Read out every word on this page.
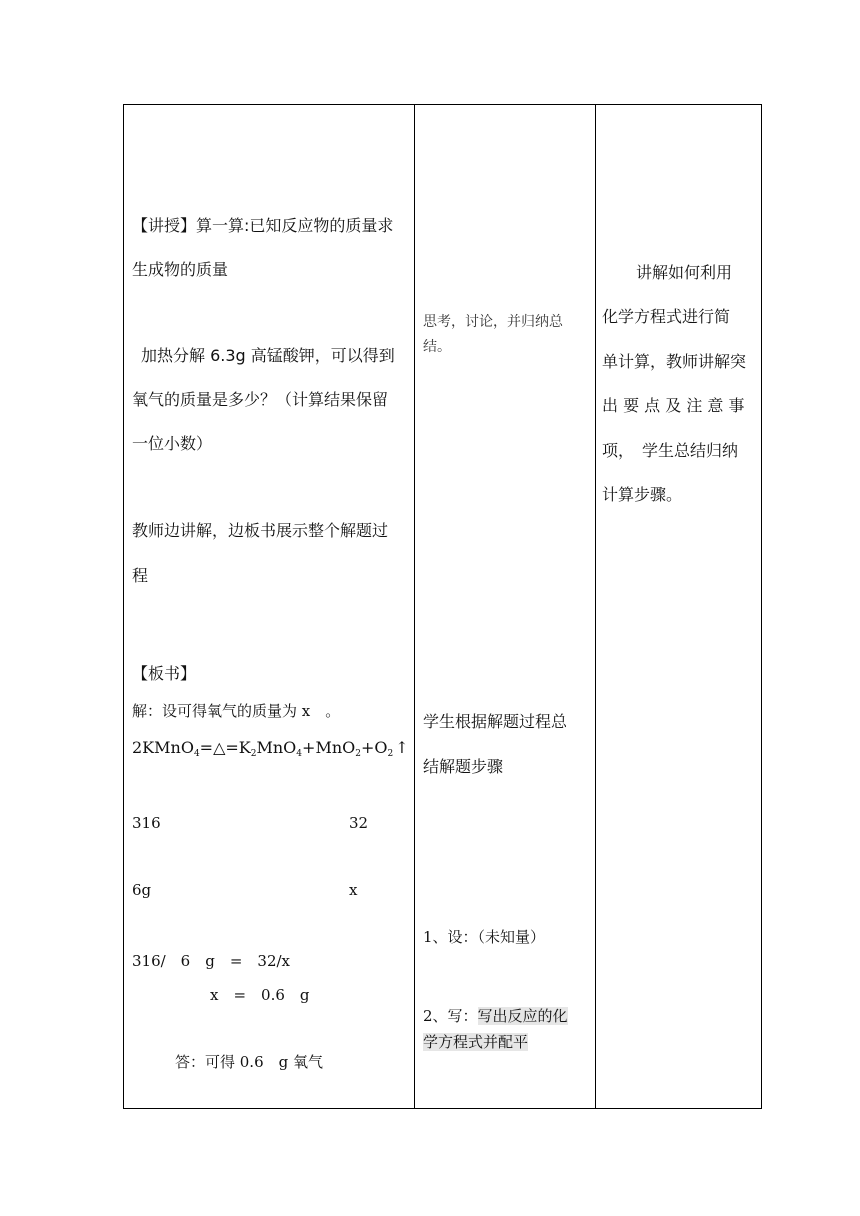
【讲授】算一算:已知反应物的质量求
生成物的质量
加热分解 6.3g 高锰酸钾，可以得到
氧气的质量是多少？（计算结果保留
一位小数）
教师边讲解，边板书展示整个解题过
程
【板书】
解：设可得氧气的质量为 x　。
$2KMnO_4=\triangle=K_2MnO_4+MnO_2+O_2$ ↑
316	32
6g	x
316/　6　g　=　32/x
x　=　0.6　g
答：可得 0.6　g 氧气
思考，讨论，并归纳总
结。
学生根据解题过程总
结解题步骤
1、设：（未知量）
2、写：写出反应的化
学方程式并配平
讲解如何利用
化学方程式进行简
单计算，教师讲解突
出 要 点 及 注 意 事
项，　学生总结归纳
计算步骤。
